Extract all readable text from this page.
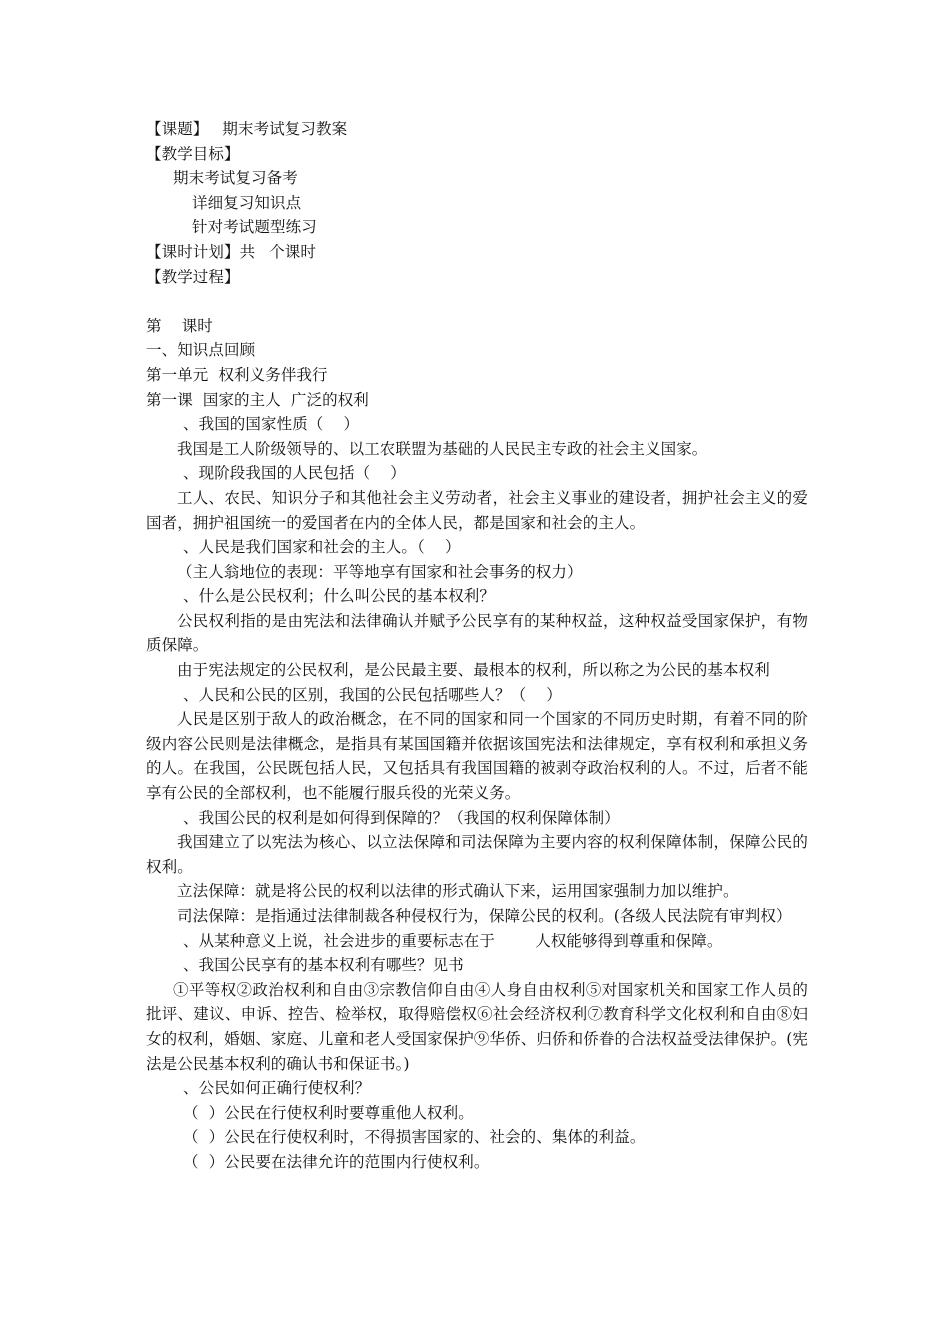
【课题】 期末考试复习教案

【教学目标】

期末考试复习备考

详细复习知识点

针对考试题型练习

【课时计划】共 个课时

【教学过程】

第    课时

一、知识点回顾

第一单元  权利义务伴我行

第一课  国家的主人  广泛的权利

、我国的国家性质（    ）

我国是工人阶级领导的、以工农联盟为基础的人民民主专政的社会主义国家。

、现阶段我国的人民包括（    ）

工人、农民、知识分子和其他社会主义劳动者，社会主义事业的建设者，拥护社会主义的爱国者，拥护祖国统一的爱国者在内的全体人民，都是国家和社会的主人。

、人民是我们国家和社会的主人。（    ）

（主人翁地位的表现：平等地享有国家和社会事务的权力）

、什么是公民权利；什么叫公民的基本权利？

公民权利指的是由宪法和法律确认并赋予公民享有的某种权益，这种权益受国家保护，有物质保障。

由于宪法规定的公民权利，是公民最主要、最根本的权利，所以称之为公民的基本权利

、人民和公民的区别，我国的公民包括哪些人？（    ）

人民是区别于敌人的政治概念，在不同的国家和同一个国家的不同历史时期，有着不同的阶级内容公民则是法律概念，是指具有某国国籍并依据该国宪法和法律规定，享有权利和承担义务的人。在我国，公民既包括人民，又包括具有我国国籍的被剥夺政治权利的人。不过，后者不能享有公民的全部权利，也不能履行服兵役的光荣义务。

、我国公民的权利是如何得到保障的？（我国的权利保障体制）

我国建立了以宪法为核心、以立法保障和司法保障为主要内容的权利保障体制，保障公民的权利。

立法保障：就是将公民的权利以法律的形式确认下来，运用国家强制力加以维护。

司法保障：是指通过法律制裁各种侵权行为，保障公民的权利。(各级人民法院有审判权）

、从某种意义上说，社会进步的重要标志在于        人权能够得到尊重和保障。

、我国公民享有的基本权利有哪些？见书

①平等权②政治权利和自由③宗教信仰自由④人身自由权利⑤对国家机关和国家工作人员的批评、建议、申诉、控告、检举权，取得赔偿权⑥社会经济权利⑦教育科学文化权利和自由⑧妇女的权利，婚姻、家庭、儿童和老人受国家保护⑨华侨、归侨和侨眷的合法权益受法律保护。(宪法是公民基本权利的确认书和保证书。)

、公民如何正确行使权利？

（  ）公民在行使权利时要尊重他人权利。

（  ）公民在行使权利时，不得损害国家的、社会的、集体的利益。

（  ）公民要在法律允许的范围内行使权利。
